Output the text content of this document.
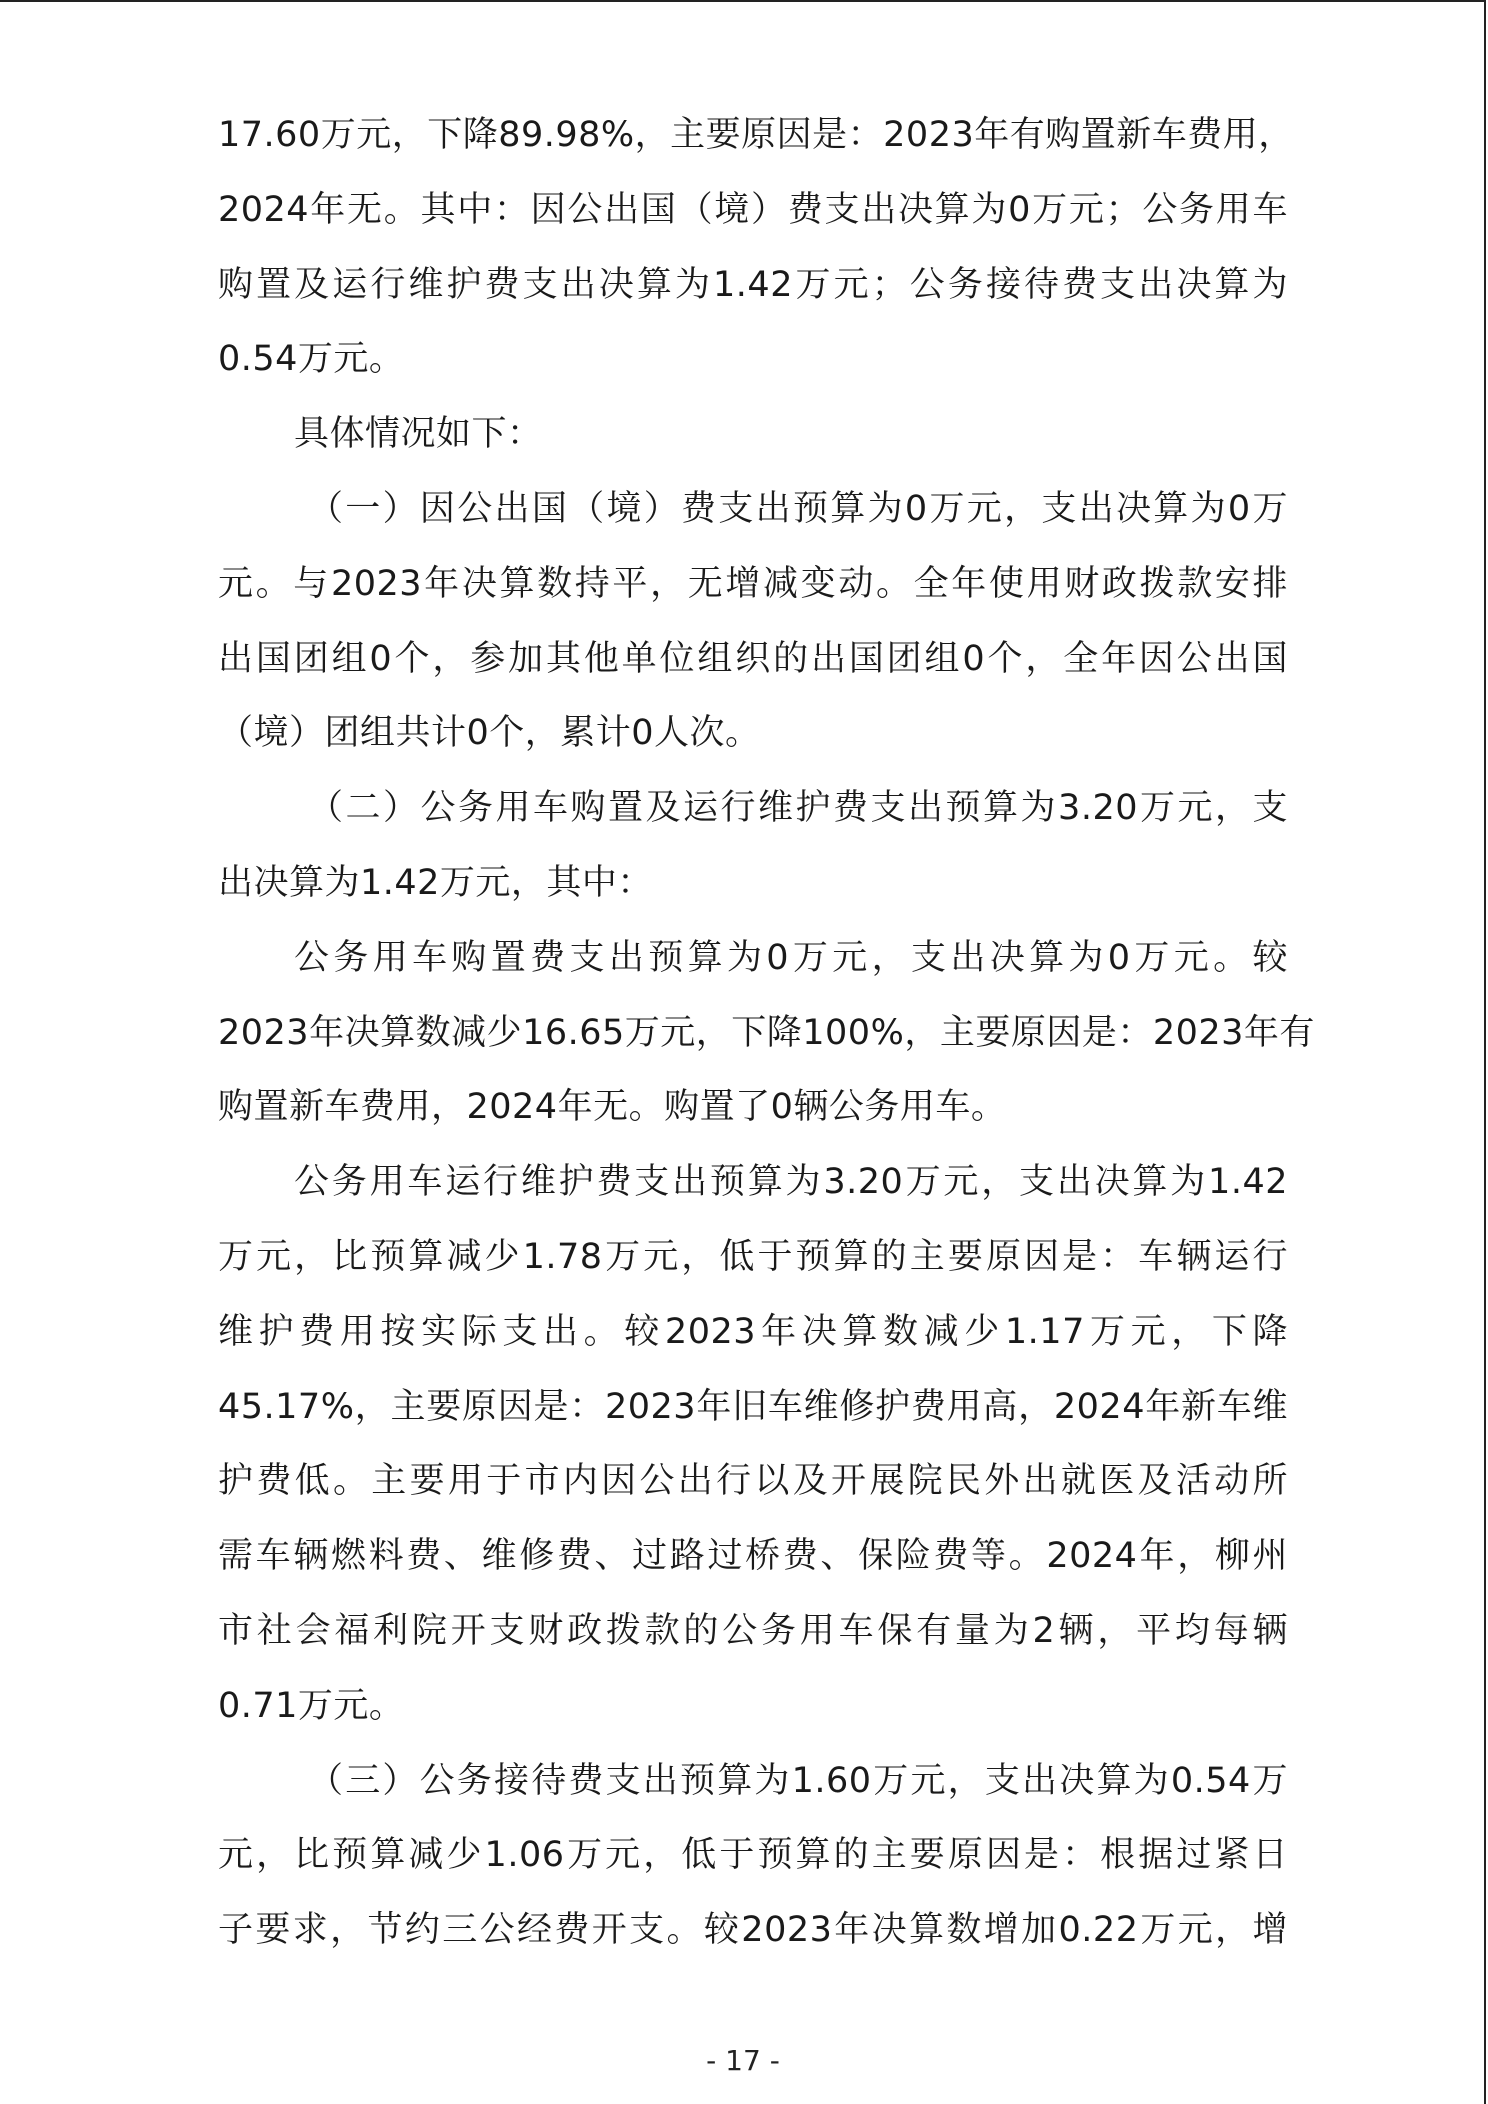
17.60万元，下降89.98%，主要原因是：2023年有购置新车费用，
2024年无。其中：因公出国（境）费支出决算为0万元；公务用车
购置及运行维护费支出决算为1.42万元；公务接待费支出决算为
0.54万元。
具体情况如下：
（一）因公出国（境）费支出预算为0万元，支出决算为0万
元。与2023年决算数持平，无增减变动。全年使用财政拨款安排
出国团组0个，参加其他单位组织的出国团组0个，全年因公出国
（境）团组共计0个，累计0人次。
（二）公务用车购置及运行维护费支出预算为3.20万元，支
出决算为1.42万元，其中：
公务用车购置费支出预算为0万元，支出决算为0万元。较
2023年决算数减少16.65万元，下降100%，主要原因是：2023年有
购置新车费用，2024年无。购置了0辆公务用车。
公务用车运行维护费支出预算为3.20万元，支出决算为1.42
万元，比预算减少1.78万元，低于预算的主要原因是：车辆运行
维护费用按实际支出。较2023年决算数减少1.17万元，下降
45.17%，主要原因是：2023年旧车维修护费用高，2024年新车维
护费低。主要用于市内因公出行以及开展院民外出就医及活动所
需车辆燃料费、维修费、过路过桥费、保险费等。2024年，柳州
市社会福利院开支财政拨款的公务用车保有量为2辆，平均每辆
0.71万元。
（三）公务接待费支出预算为1.60万元，支出决算为0.54万
元，比预算减少1.06万元，低于预算的主要原因是：根据过紧日
子要求，节约三公经费开支。较2023年决算数增加0.22万元，增
- 17 -
